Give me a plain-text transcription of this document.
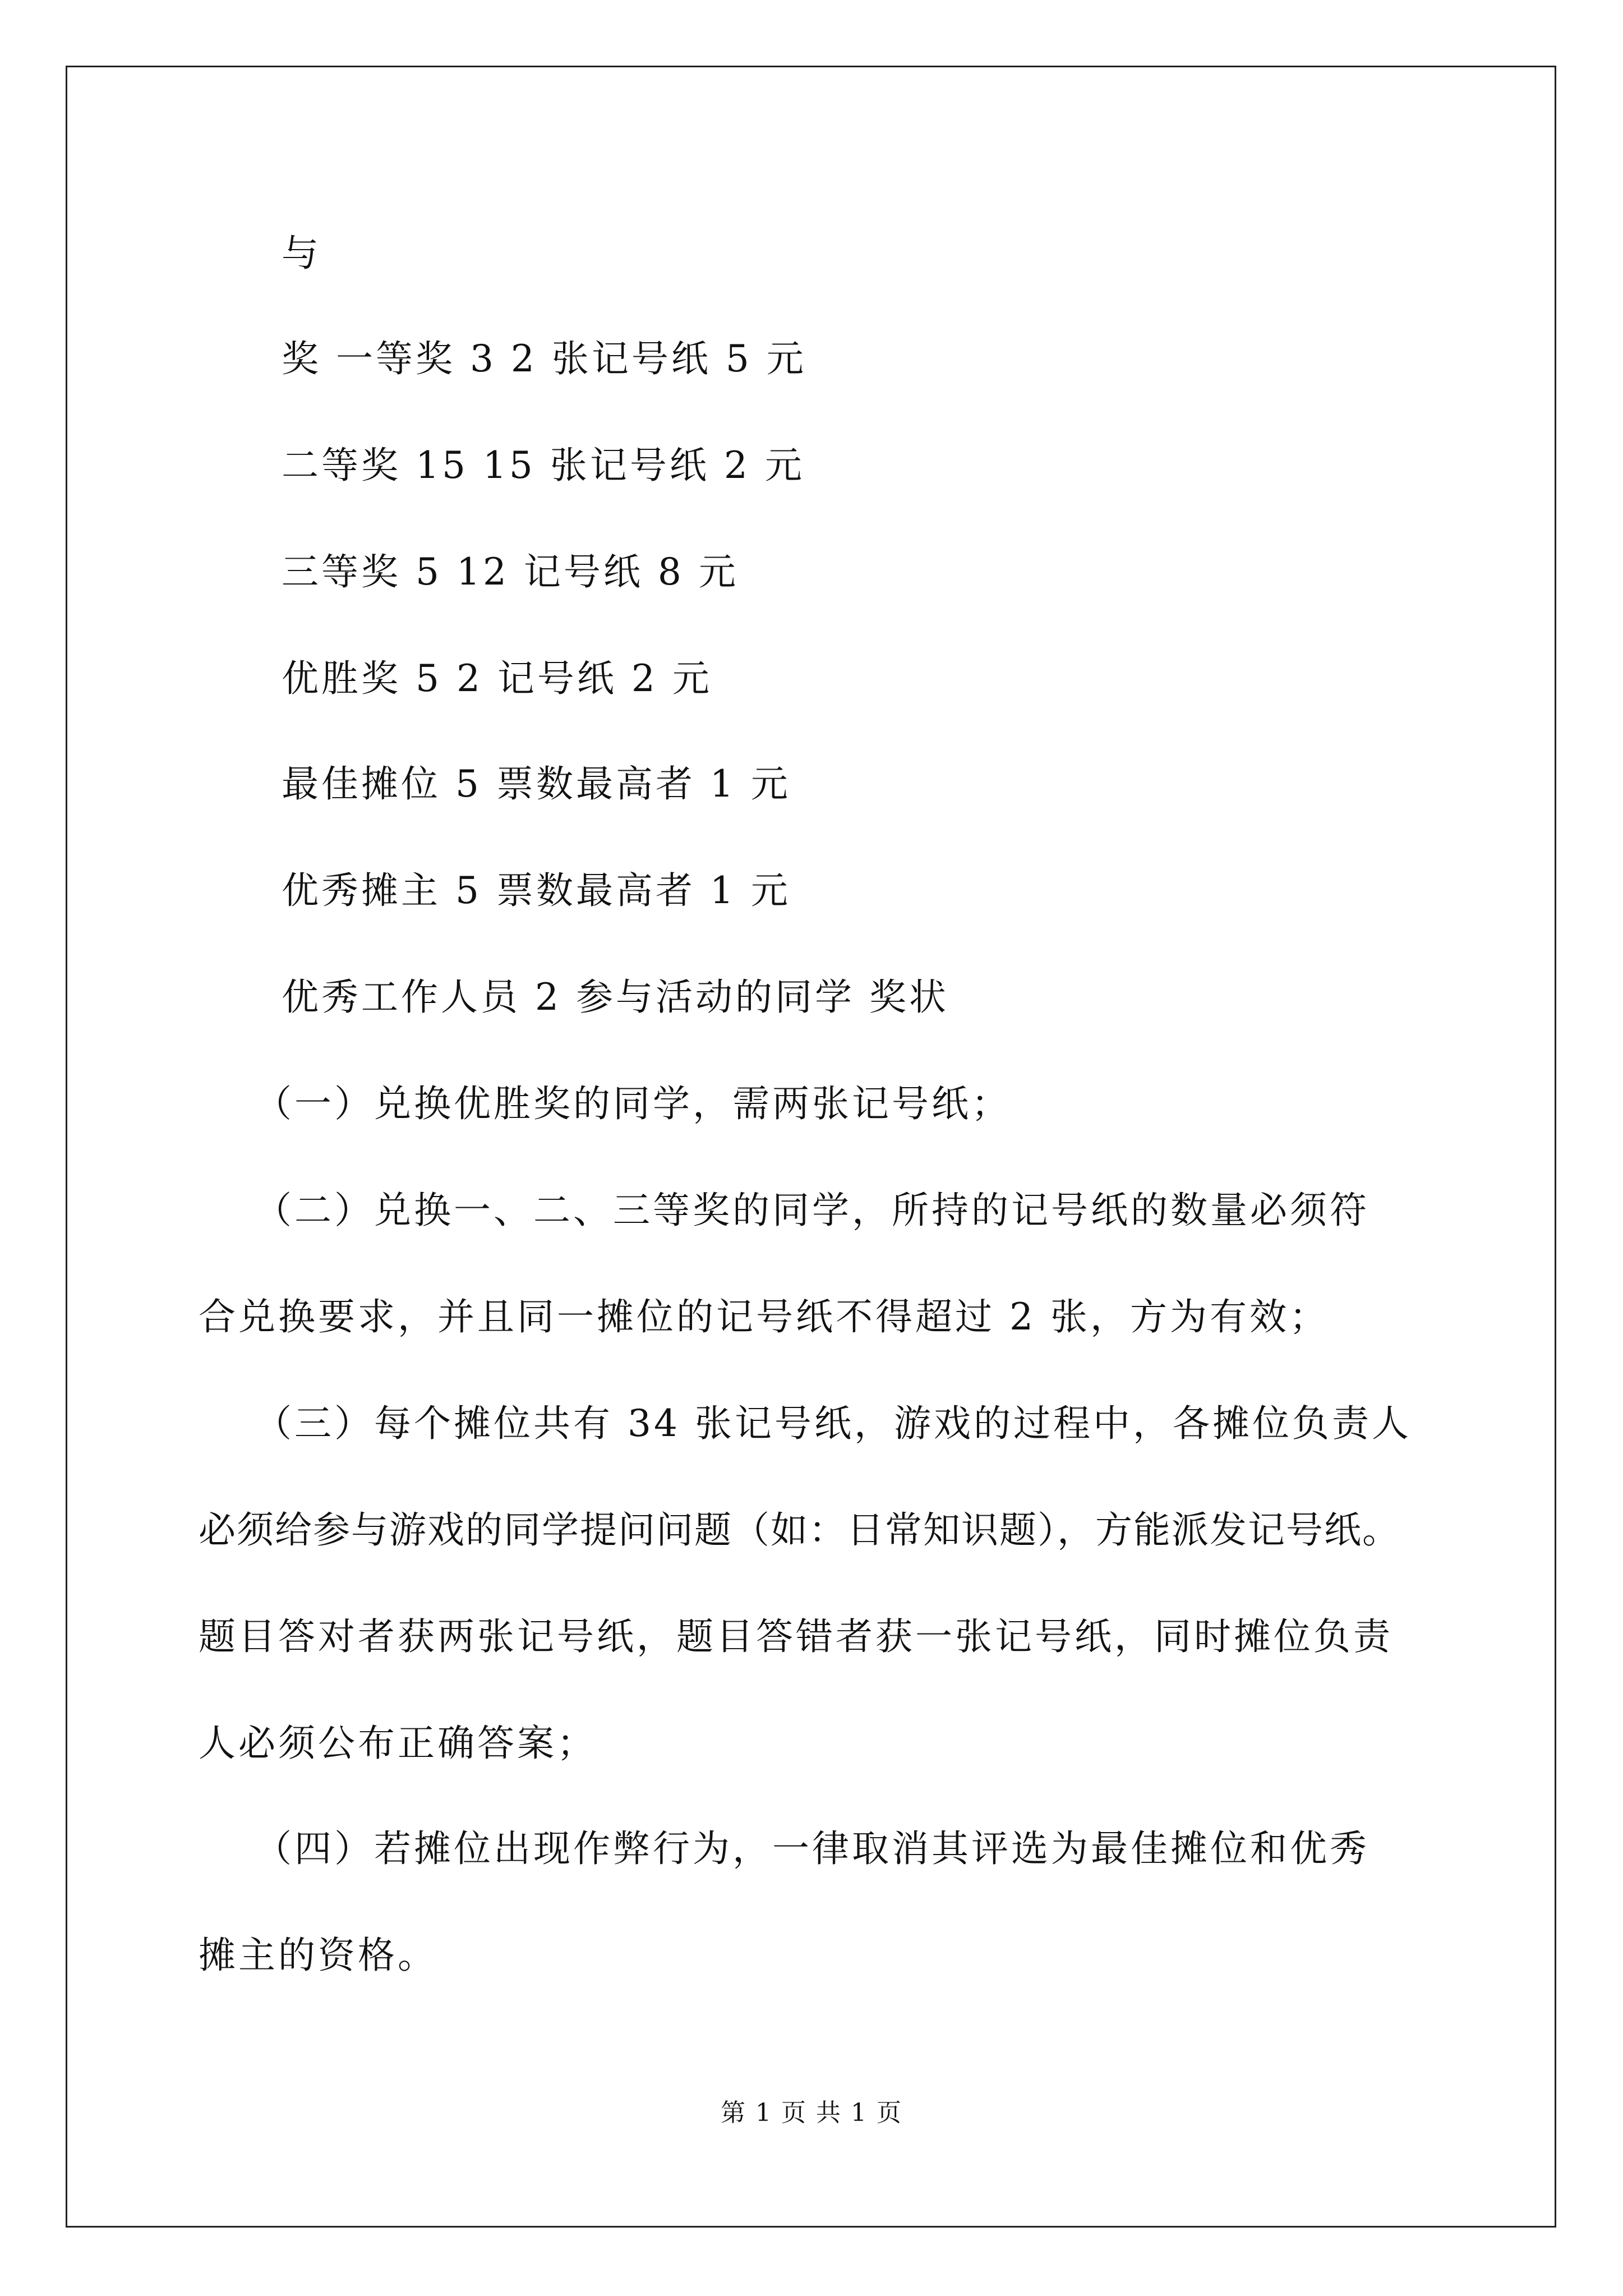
与
奖 一等奖 3 2 张记号纸 5 元
二等奖 15 15 张记号纸 2 元
三等奖 5 12 记号纸 8 元
优胜奖 5 2 记号纸 2 元
最佳摊位 5 票数最高者 1 元
优秀摊主 5 票数最高者 1 元
优秀工作人员 2 参与活动的同学 奖状
（一）兑换优胜奖的同学，需两张记号纸；
（二）兑换一、二、三等奖的同学，所持的记号纸的数量必须符
合兑换要求，并且同一摊位的记号纸不得超过 2 张，方为有效；
（三）每个摊位共有 34 张记号纸，游戏的过程中，各摊位负责人
必须给参与游戏的同学提问问题（如：日常知识题），方能派发记号纸。
题目答对者获两张记号纸，题目答错者获一张记号纸，同时摊位负责
人必须公布正确答案；
（四）若摊位出现作弊行为，一律取消其评选为最佳摊位和优秀
摊主的资格。
第 1 页 共 1 页
